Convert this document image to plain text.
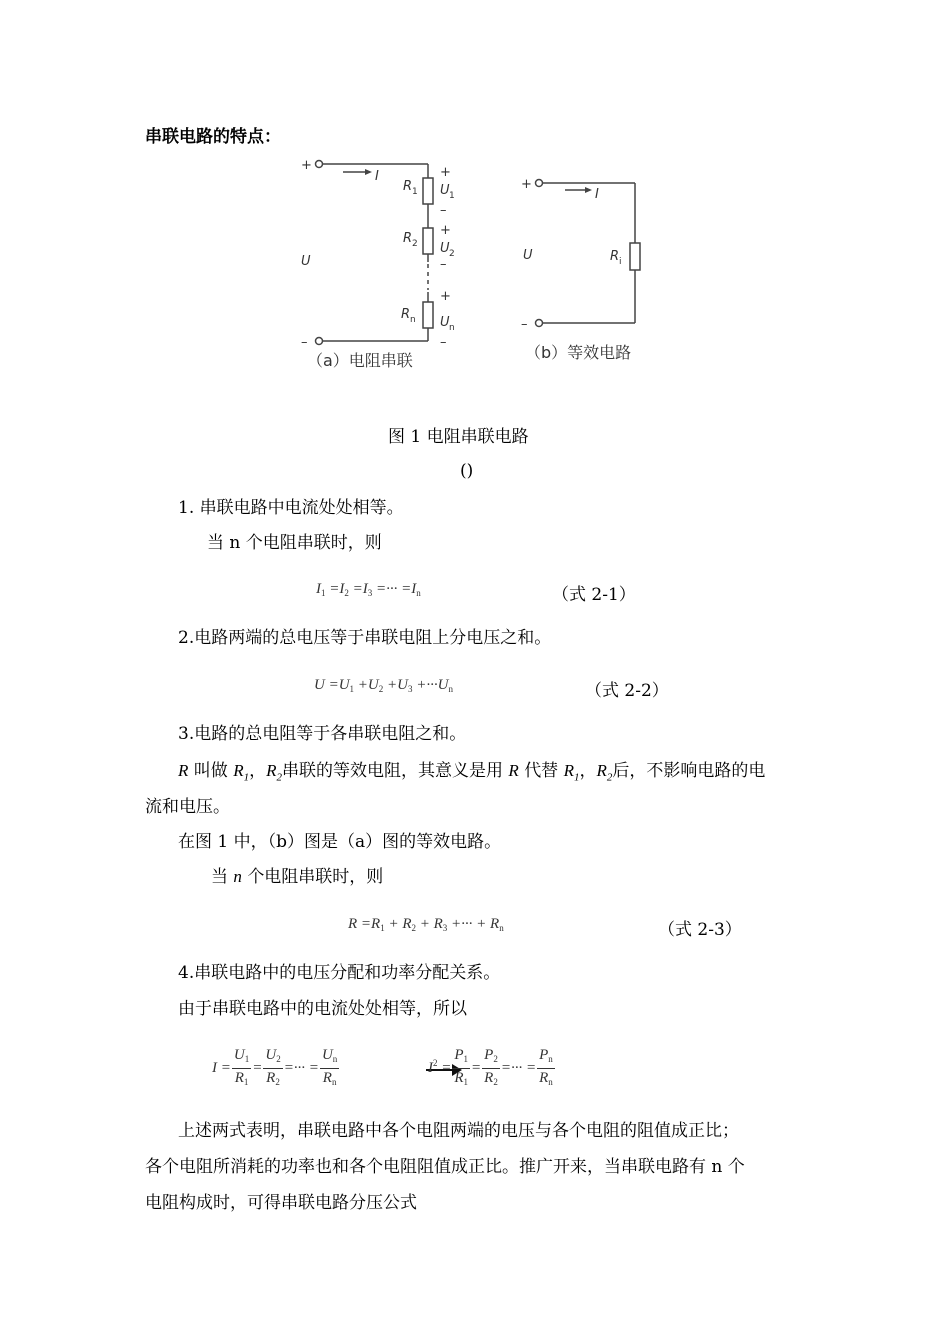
串联电路的特点：
+
–
I
U
R 1
R 2
R n
+
U 1
–
+
U 2
–
+
U n
–
（a）电阻串联
+
–
I
U	R i
（b）等效电路
图 1 电阻串联电路
()
1. 串联电路中电流处处相等。
当 n 个电阻串联时，则
$I_1 =I_2 =I_3$ =··· $=I_n$	（式 2-1）
2.电路两端的总电压等于串联电阻上分电压之和。
$U =U_1 +U_2 +U_3 +\cdot\cdot\cdot U_n$	（式 2-2）
3.电路的总电阻等于各串联电阻之和。
R 叫做 $R_1$，$R_2$串联的等效电阻，其意义是用 R 代替 $R_1$，$R_2$后，不影响电路的电
流和电压。
在图 1 中，（b）图是（a）图的等效电路。
当 n 个电阻串联时，则
$R =R_1 + R_2 + R_3$ +··· + $R_n$	（式 2-3）
4.串联电路中的电压分配和功率分配关系。
由于串联电路中的电流处处相等，所以
$I = \frac{U_1}{R_1} = \frac{U_2}{R_2}$ =··· = $\frac{U_n}{R_n}$	$I^2 = \frac{P_1}{R_1} = \frac{P_2}{R_2}$ =··· = $\frac{P_n}{R_n}$
上述两式表明，串联电路中各个电阻两端的电压与各个电阻的阻值成正比；
各个电阻所消耗的功率也和各个电阻阻值成正比。推广开来，当串联电路有 n 个
电阻构成时，可得串联电路分压公式
